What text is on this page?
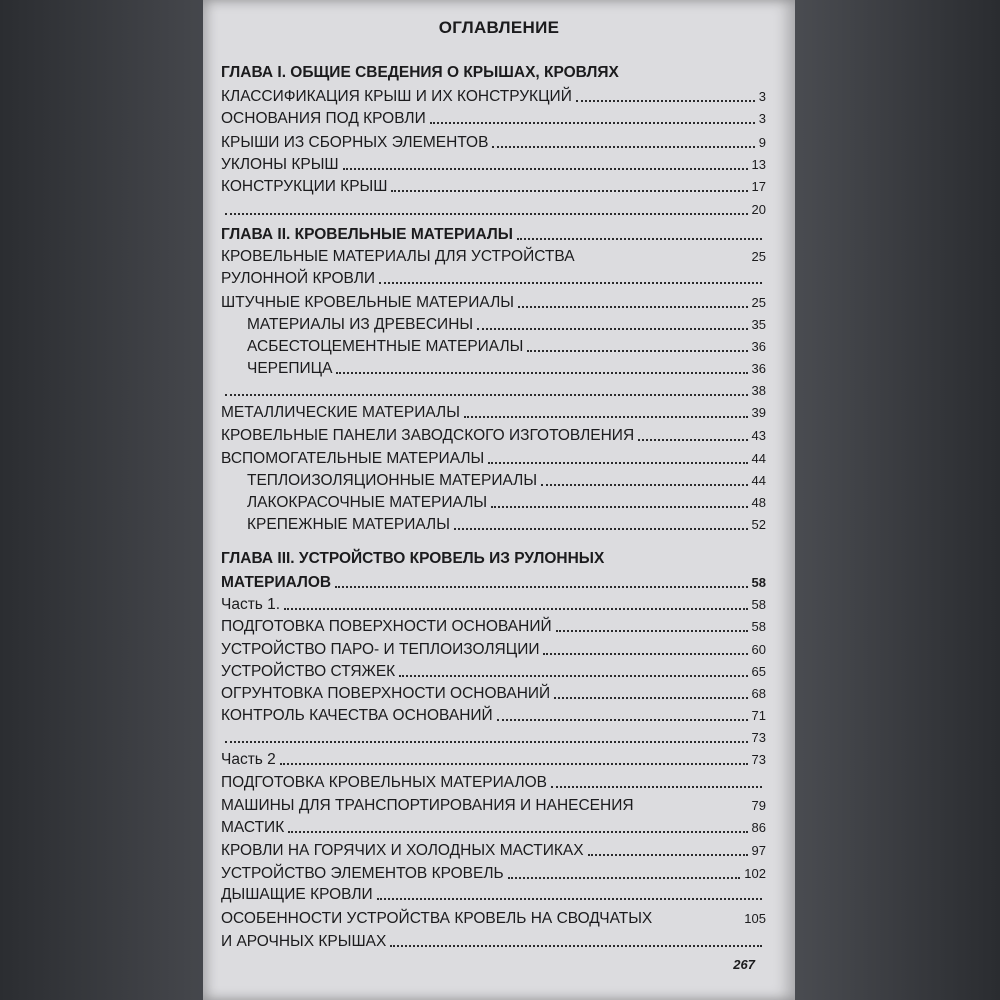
ОГЛАВЛЕНИЕ
ГЛАВА I. ОБЩИЕ СВЕДЕНИЯ О КРЫШАХ, КРОВЛЯХ
КЛАССИФИКАЦИЯ КРЫШ И ИХ КОНСТРУКЦИЙ	3
ОСНОВАНИЯ ПОД КРОВЛИ	3
КРЫШИ ИЗ СБОРНЫХ ЭЛЕМЕНТОВ	9
УКЛОНЫ КРЫШ	13
КОНСТРУКЦИИ КРЫШ	17
20
ГЛАВА II. КРОВЕЛЬНЫЕ МАТЕРИАЛЫ
КРОВЕЛЬНЫЕ МАТЕРИАЛЫ ДЛЯ УСТРОЙСТВА	25
РУЛОННОЙ КРОВЛИ
ШТУЧНЫЕ КРОВЕЛЬНЫЕ МАТЕРИАЛЫ	25
МАТЕРИАЛЫ ИЗ ДРЕВЕСИНЫ	35
АСБЕСТОЦЕМЕНТНЫЕ МАТЕРИАЛЫ	36
ЧЕРЕПИЦА	36
38
МЕТАЛЛИЧЕСКИЕ МАТЕРИАЛЫ	39
КРОВЕЛЬНЫЕ ПАНЕЛИ ЗАВОДСКОГО ИЗГОТОВЛЕНИЯ	43
ВСПОМОГАТЕЛЬНЫЕ МАТЕРИАЛЫ	44
ТЕПЛОИЗОЛЯЦИОННЫЕ МАТЕРИАЛЫ	44
ЛАКОКРАСОЧНЫЕ МАТЕРИАЛЫ	48
КРЕПЕЖНЫЕ МАТЕРИАЛЫ	52
ГЛАВА III. УСТРОЙСТВО КРОВЕЛЬ ИЗ РУЛОННЫХ
МАТЕРИАЛОВ	58
Часть 1.	58
ПОДГОТОВКА ПОВЕРХНОСТИ ОСНОВАНИЙ	58
УСТРОЙСТВО ПАРО- И ТЕПЛОИЗОЛЯЦИИ	60
УСТРОЙСТВО СТЯЖЕК	65
ОГРУНТОВКА ПОВЕРХНОСТИ ОСНОВАНИЙ	68
КОНТРОЛЬ КАЧЕСТВА ОСНОВАНИЙ	71
73
Часть 2	73
ПОДГОТОВКА КРОВЕЛЬНЫХ МАТЕРИАЛОВ
МАШИНЫ ДЛЯ ТРАНСПОРТИРОВАНИЯ И НАНЕСЕНИЯ	79
МАСТИК	86
КРОВЛИ НА ГОРЯЧИХ И ХОЛОДНЫХ МАСТИКАХ	97
УСТРОЙСТВО ЭЛЕМЕНТОВ КРОВЕЛЬ	102
ДЫШАЩИЕ КРОВЛИ
ОСОБЕННОСТИ УСТРОЙСТВА КРОВЕЛЬ НА СВОДЧАТЫХ	105
И АРОЧНЫХ КРЫШАХ
267
